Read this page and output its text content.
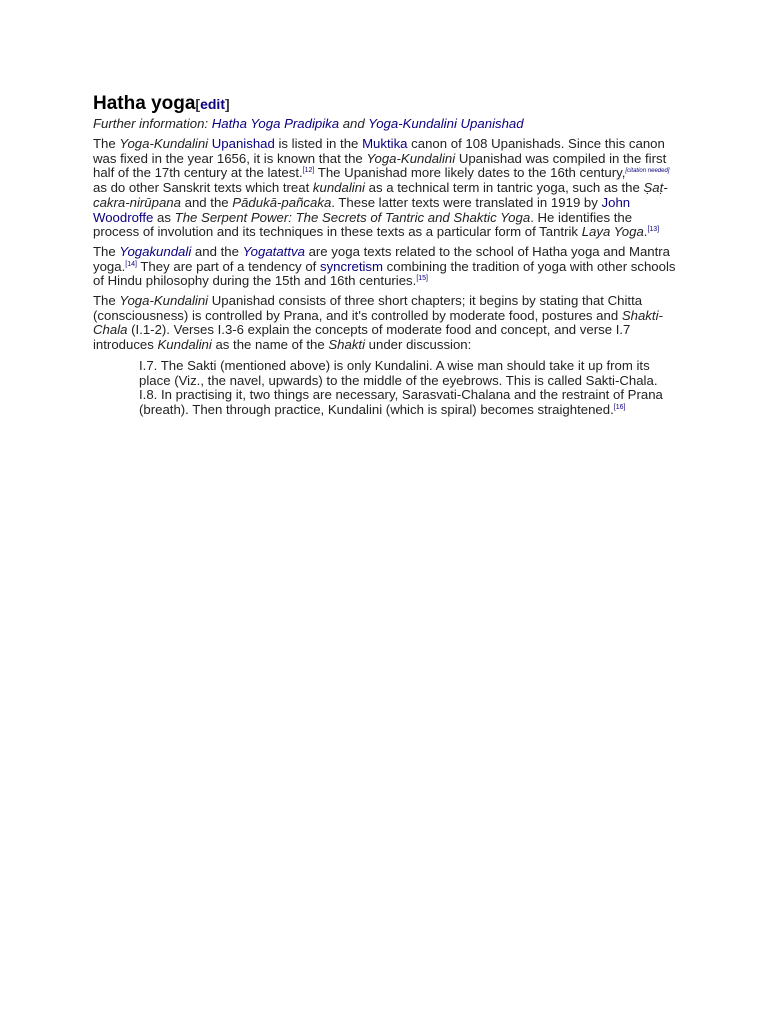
Hatha yoga[edit]
Further information: Hatha Yoga Pradipika and Yoga-Kundalini Upanishad

The Yoga-Kundalini Upanishad is listed in the Muktika canon of 108 Upanishads. Since this canon was fixed in the year 1656, it is known that the Yoga-Kundalini Upanishad was compiled in the first half of the 17th century at the latest.[12] The Upanishad more likely dates to the 16th century,[citation needed] as do other Sanskrit texts which treat kundalini as a technical term in tantric yoga, such as the Ṣaṭ-cakra-nirūpana and the Pādukā-pañcaka. These latter texts were translated in 1919 by John Woodroffe as The Serpent Power: The Secrets of Tantric and Shaktic Yoga. He identifies the process of involution and its techniques in these texts as a particular form of Tantrik Laya Yoga.[13]

The Yogakundali and the Yogatattva are yoga texts related to the school of Hatha yoga and Mantra yoga.[14] They are part of a tendency of syncretism combining the tradition of yoga with other schools of Hindu philosophy during the 15th and 16th centuries.[15]

The Yoga-Kundalini Upanishad consists of three short chapters; it begins by stating that Chitta (consciousness) is controlled by Prana, and it's controlled by moderate food, postures and Shakti-Chala (I.1-2). Verses I.3-6 explain the concepts of moderate food and concept, and verse I.7 introduces Kundalini as the name of the Shakti under discussion:

I.7. The Sakti (mentioned above) is only Kundalini. A wise man should take it up from its place (Viz., the navel, upwards) to the middle of the eyebrows. This is called Sakti-Chala.

I.8. In practising it, two things are necessary, Sarasvati-Chalana and the restraint of Prana (breath). Then through practice, Kundalini (which is spiral) becomes straightened.[16]
